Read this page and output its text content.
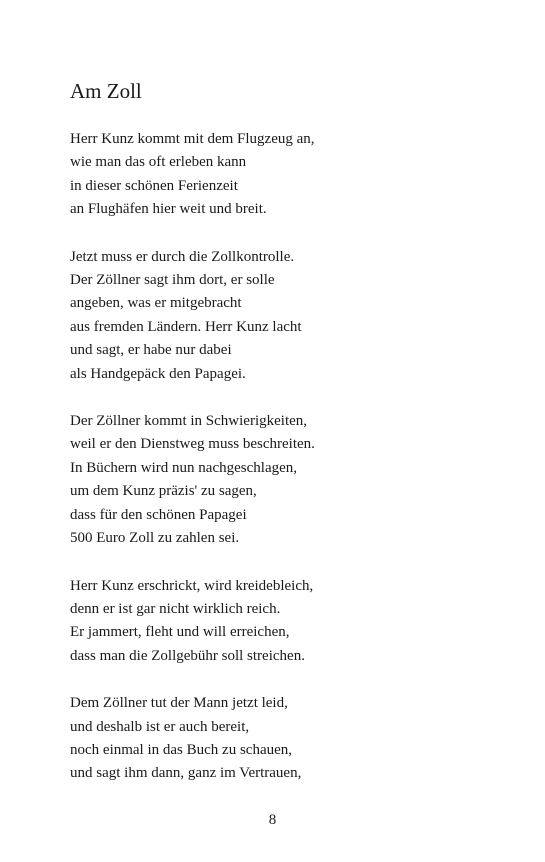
Am Zoll
Herr Kunz kommt mit dem Flugzeug an,
wie man das oft erleben kann
in dieser schönen Ferienzeit
an Flughäfen hier weit und breit.
Jetzt muss er durch die Zollkontrolle.
Der Zöllner sagt ihm dort, er solle
angeben, was er mitgebracht
aus fremden Ländern. Herr Kunz lacht
und sagt, er habe nur dabei
als Handgepäck den Papagei.
Der Zöllner kommt in Schwierigkeiten,
weil er den Dienstweg muss beschreiten.
In Büchern wird nun nachgeschlagen,
um dem Kunz präzis' zu sagen,
dass für den schönen Papagei
500 Euro Zoll zu zahlen sei.
Herr Kunz erschrickt, wird kreidebleich,
denn er ist gar nicht wirklich reich.
Er jammert, fleht und will erreichen,
dass man die Zollgebühr soll streichen.
Dem Zöllner tut der Mann jetzt leid,
und deshalb ist er auch bereit,
noch einmal in das Buch zu schauen,
und sagt ihm dann, ganz im Vertrauen,
8
